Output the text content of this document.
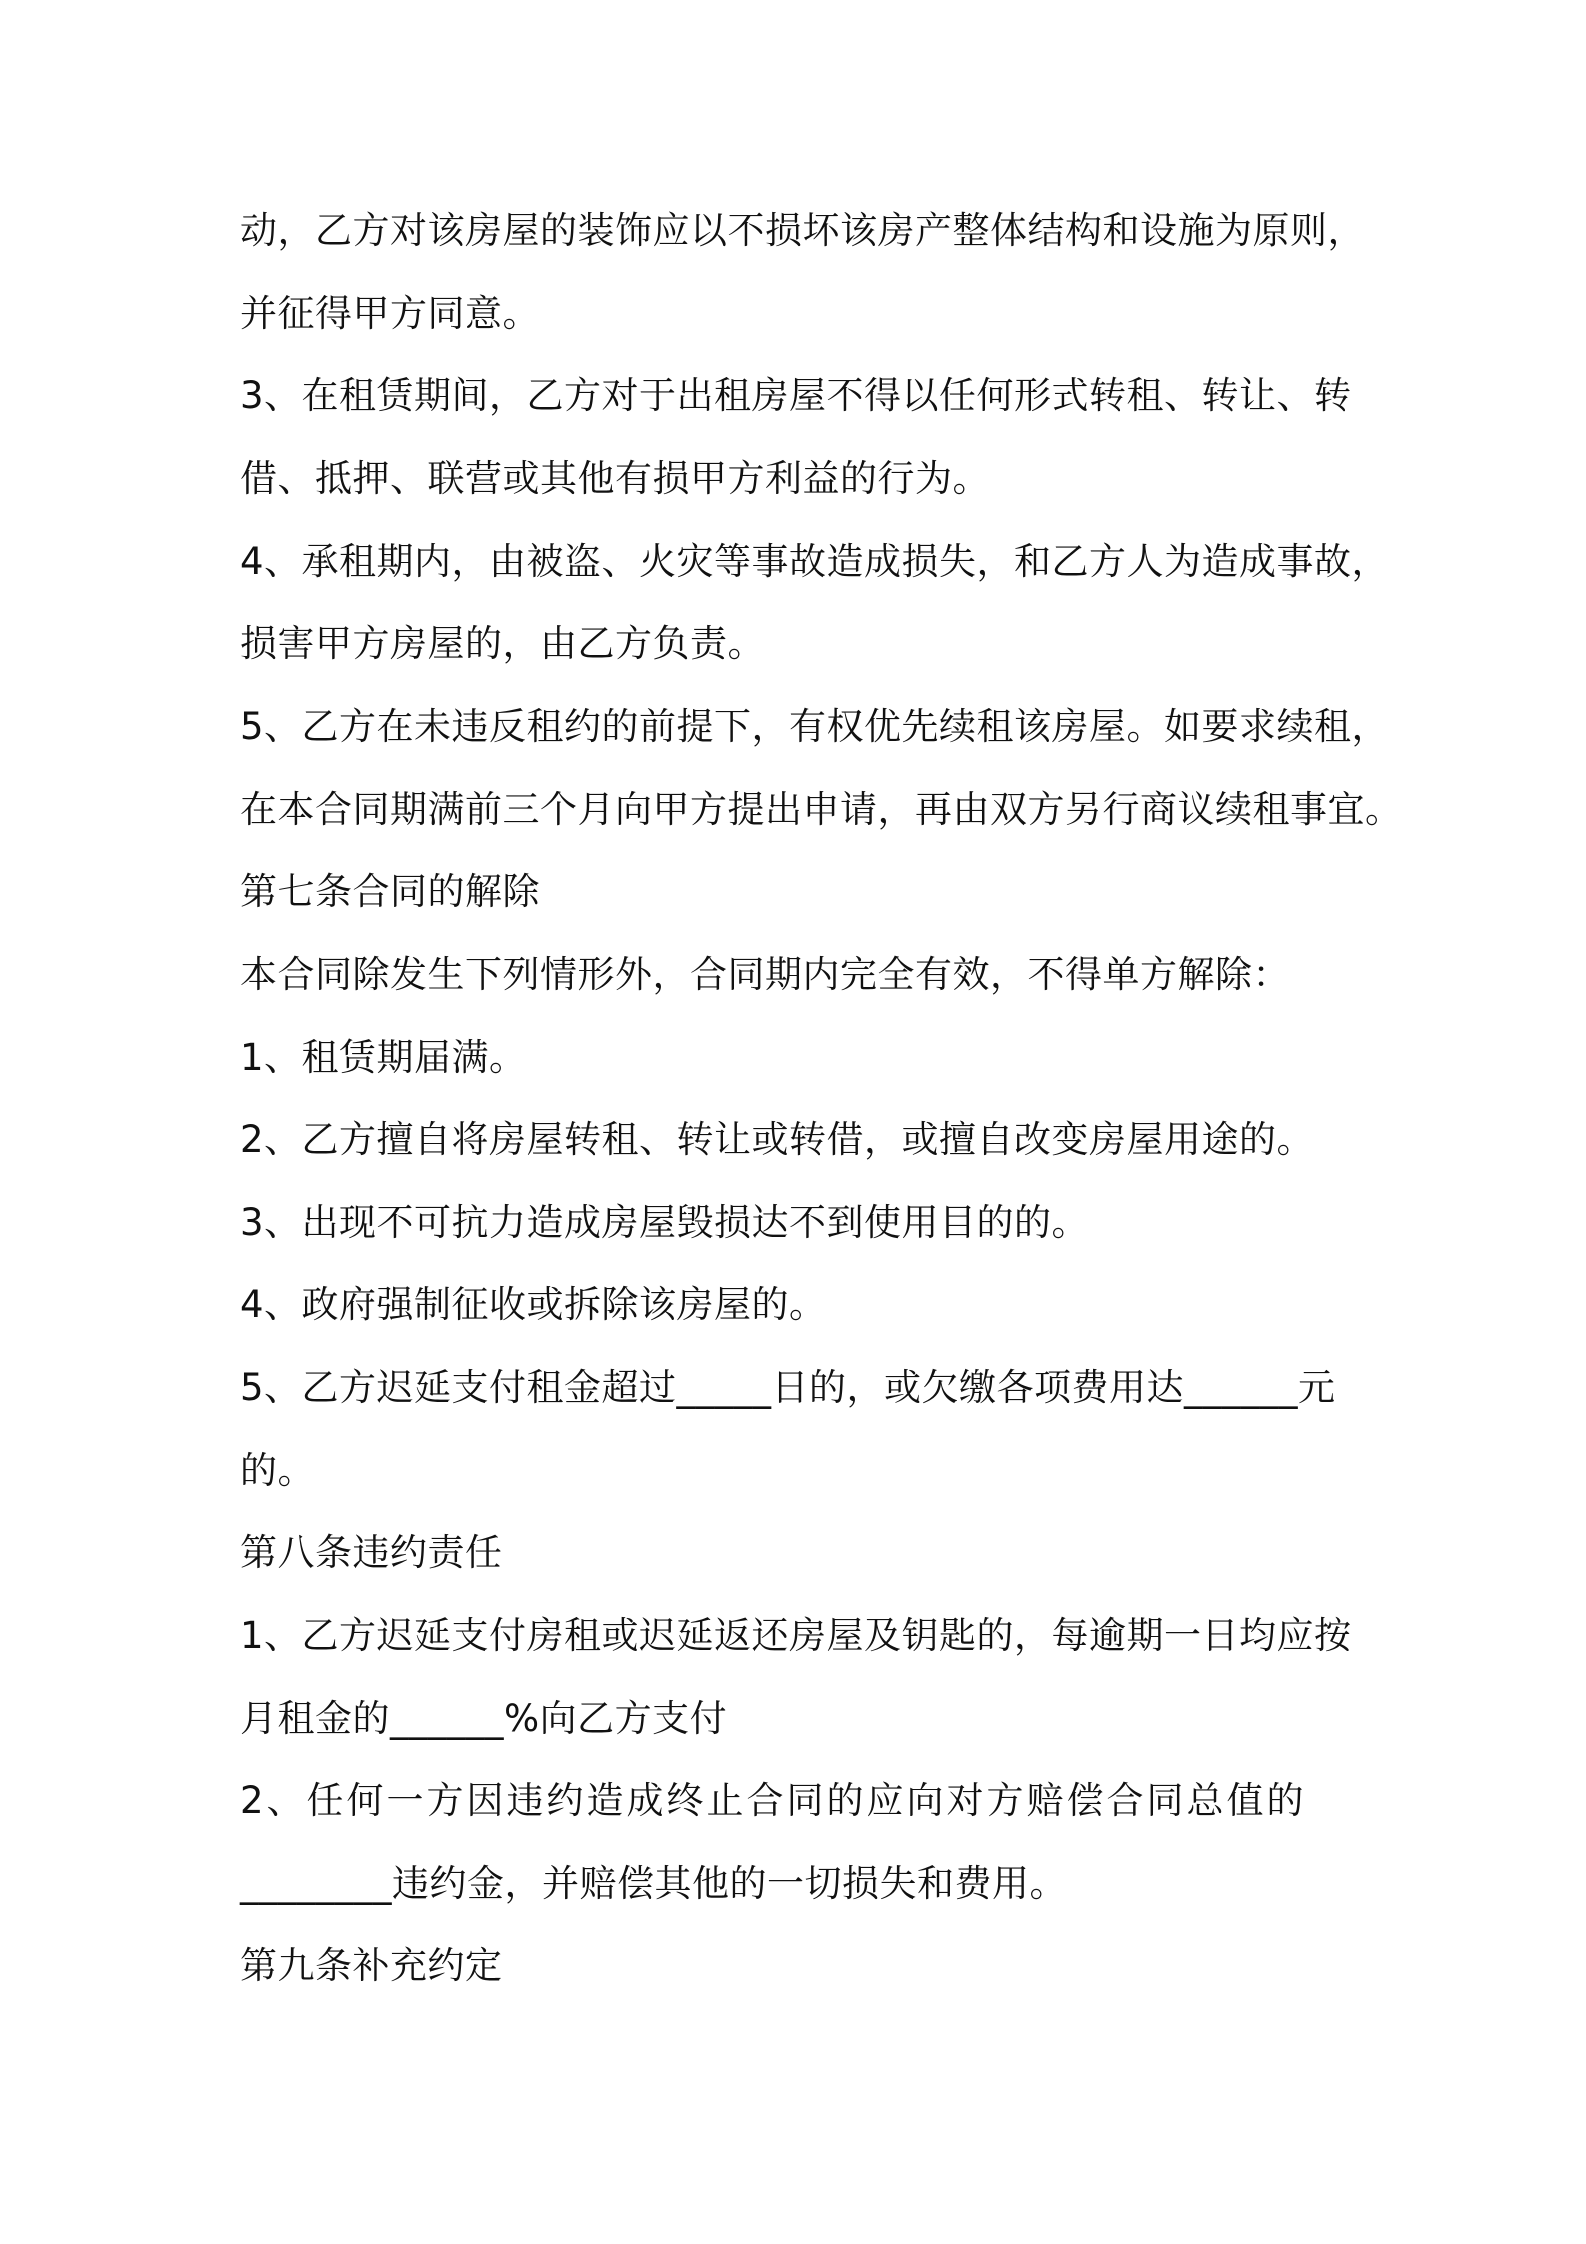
动，乙方对该房屋的装饰应以不损坏该房产整体结构和设施为原则，
并征得甲方同意。
3、在租赁期间，乙方对于出租房屋不得以任何形式转租、转让、转
借、抵押、联营或其他有损甲方利益的行为。
4、承租期内，由被盗、火灾等事故造成损失，和乙方人为造成事故，
损害甲方房屋的，由乙方负责。
5、乙方在未违反租约的前提下，有权优先续租该房屋。如要求续租，
在本合同期满前三个月向甲方提出申请，再由双方另行商议续租事宜。
第七条合同的解除
本合同除发生下列情形外，合同期内完全有效，不得单方解除：
1、租赁期届满。
2、乙方擅自将房屋转租、转让或转借，或擅自改变房屋用途的。
3、出现不可抗力造成房屋毁损达不到使用目的的。
4、政府强制征收或拆除该房屋的。
5、乙方迟延支付租金超过_____日的，或欠缴各项费用达______元
的。
第八条违约责任
1、乙方迟延支付房租或迟延返还房屋及钥匙的，每逾期一日均应按
月租金的______%向乙方支付
2、任何一方因违约造成终止合同的应向对方赔偿合同总值的
________违约金，并赔偿其他的一切损失和费用。
第九条补充约定
